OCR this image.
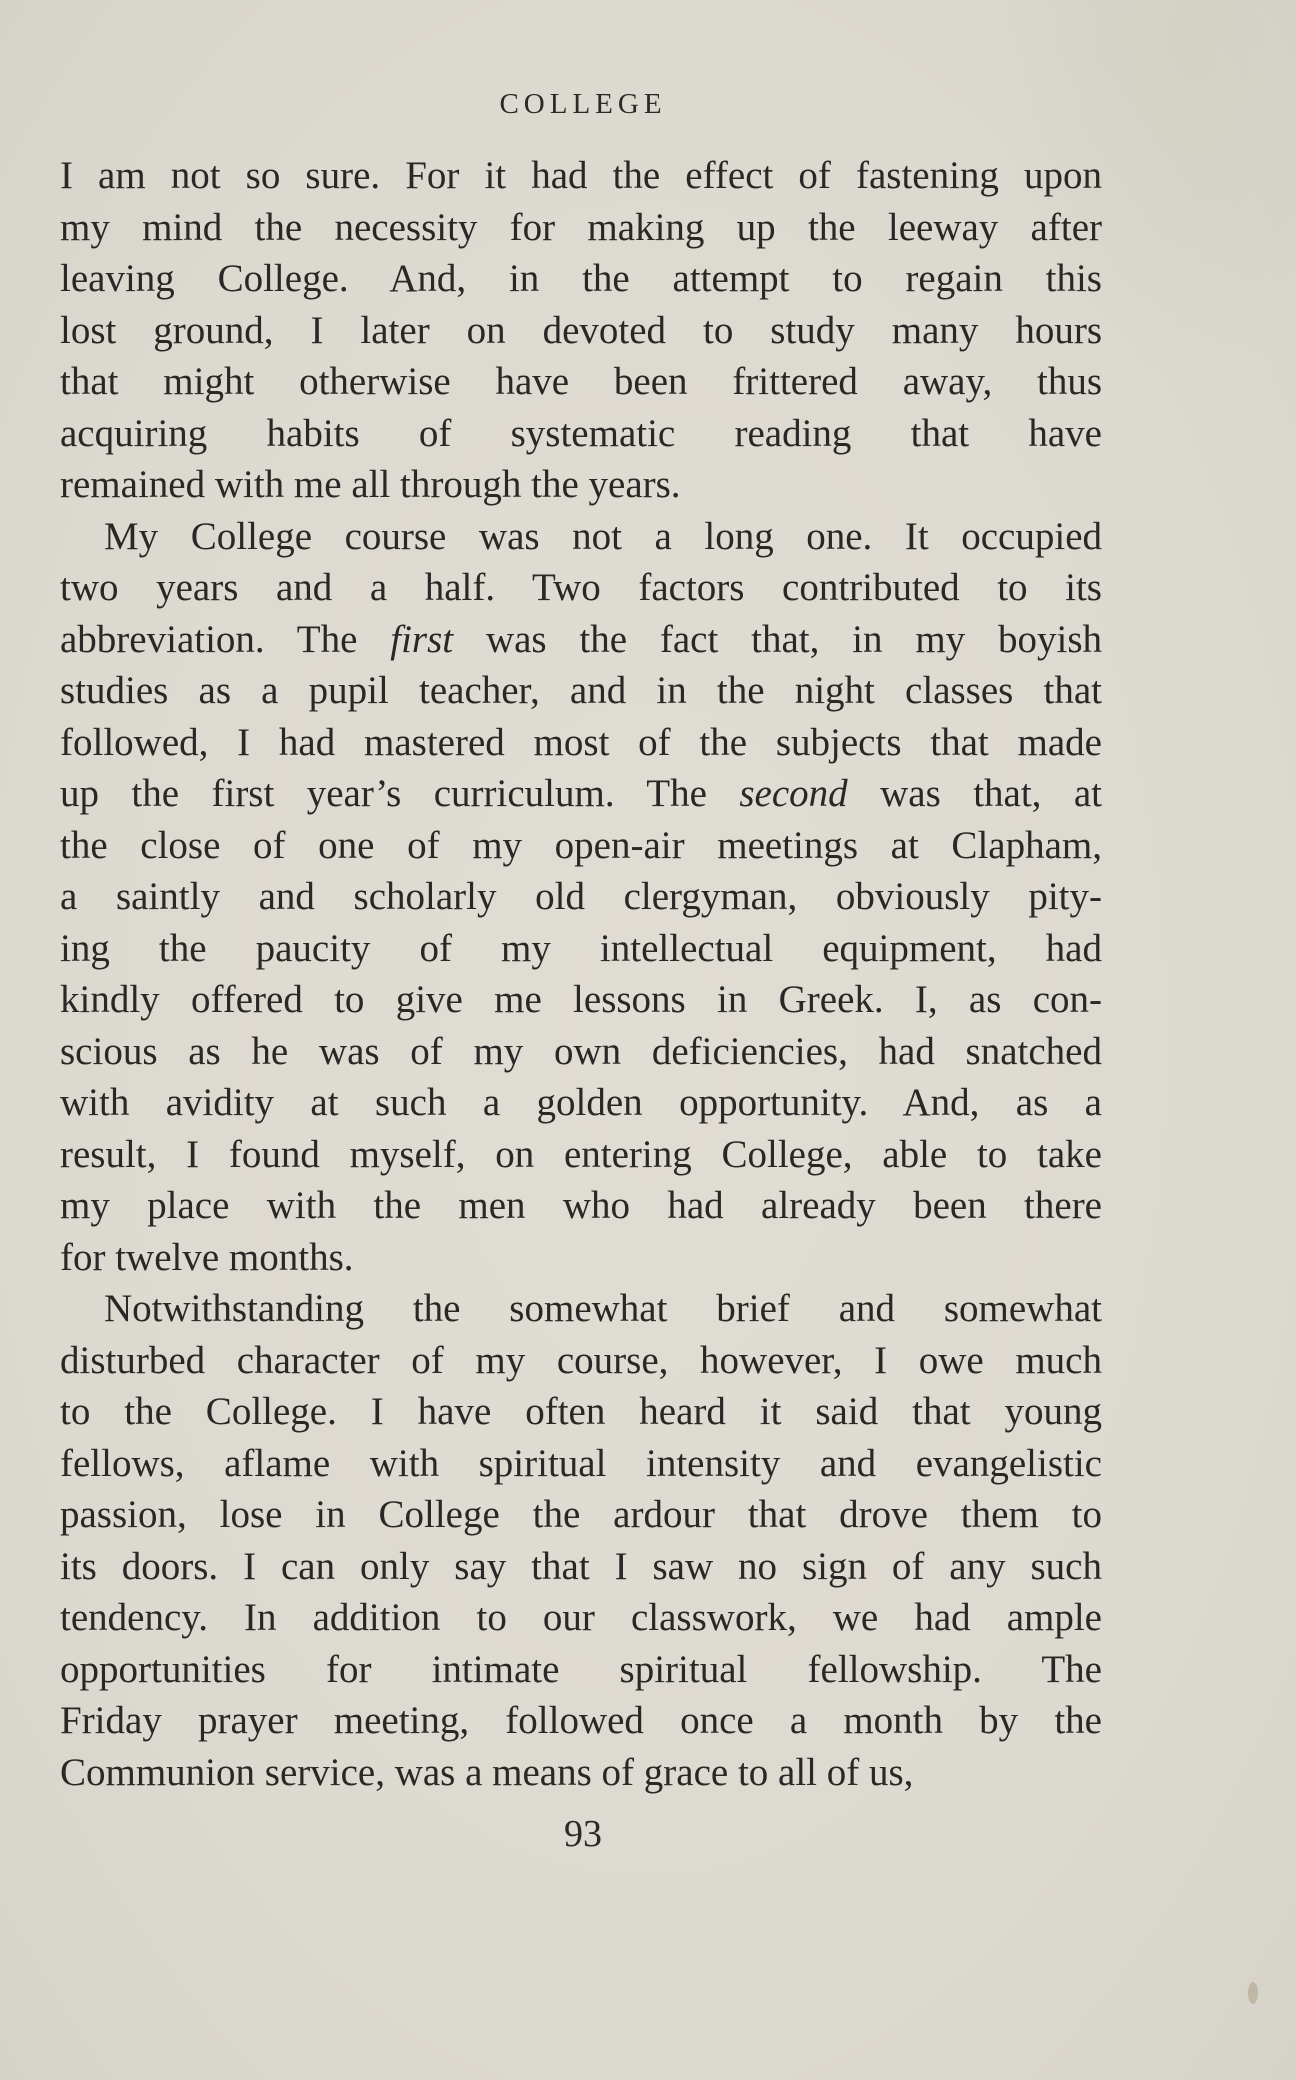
COLLEGE
I am not so sure. For it had the effect of fastening upon
my mind the necessity for making up the leeway after
leaving College. And, in the attempt to regain this
lost ground, I later on devoted to study many hours
that might otherwise have been frittered away, thus
acquiring habits of systematic reading that have
remained with me all through the years.
My College course was not a long one. It occupied
two years and a half. Two factors contributed to its
abbreviation. The first was the fact that, in my boyish
studies as a pupil teacher, and in the night classes that
followed, I had mastered most of the subjects that made
up the first year’s curriculum. The second was that, at
the close of one of my open-air meetings at Clapham,
a saintly and scholarly old clergyman, obviously pity-
ing the paucity of my intellectual equipment, had
kindly offered to give me lessons in Greek. I, as con-
scious as he was of my own deficiencies, had snatched
with avidity at such a golden opportunity. And, as a
result, I found myself, on entering College, able to take
my place with the men who had already been there
for twelve months.
Notwithstanding the somewhat brief and somewhat
disturbed character of my course, however, I owe much
to the College. I have often heard it said that young
fellows, aflame with spiritual intensity and evangelistic
passion, lose in College the ardour that drove them to
its doors. I can only say that I saw no sign of any such
tendency. In addition to our classwork, we had ample
opportunities for intimate spiritual fellowship. The
Friday prayer meeting, followed once a month by the
Communion service, was a means of grace to all of us,
93
